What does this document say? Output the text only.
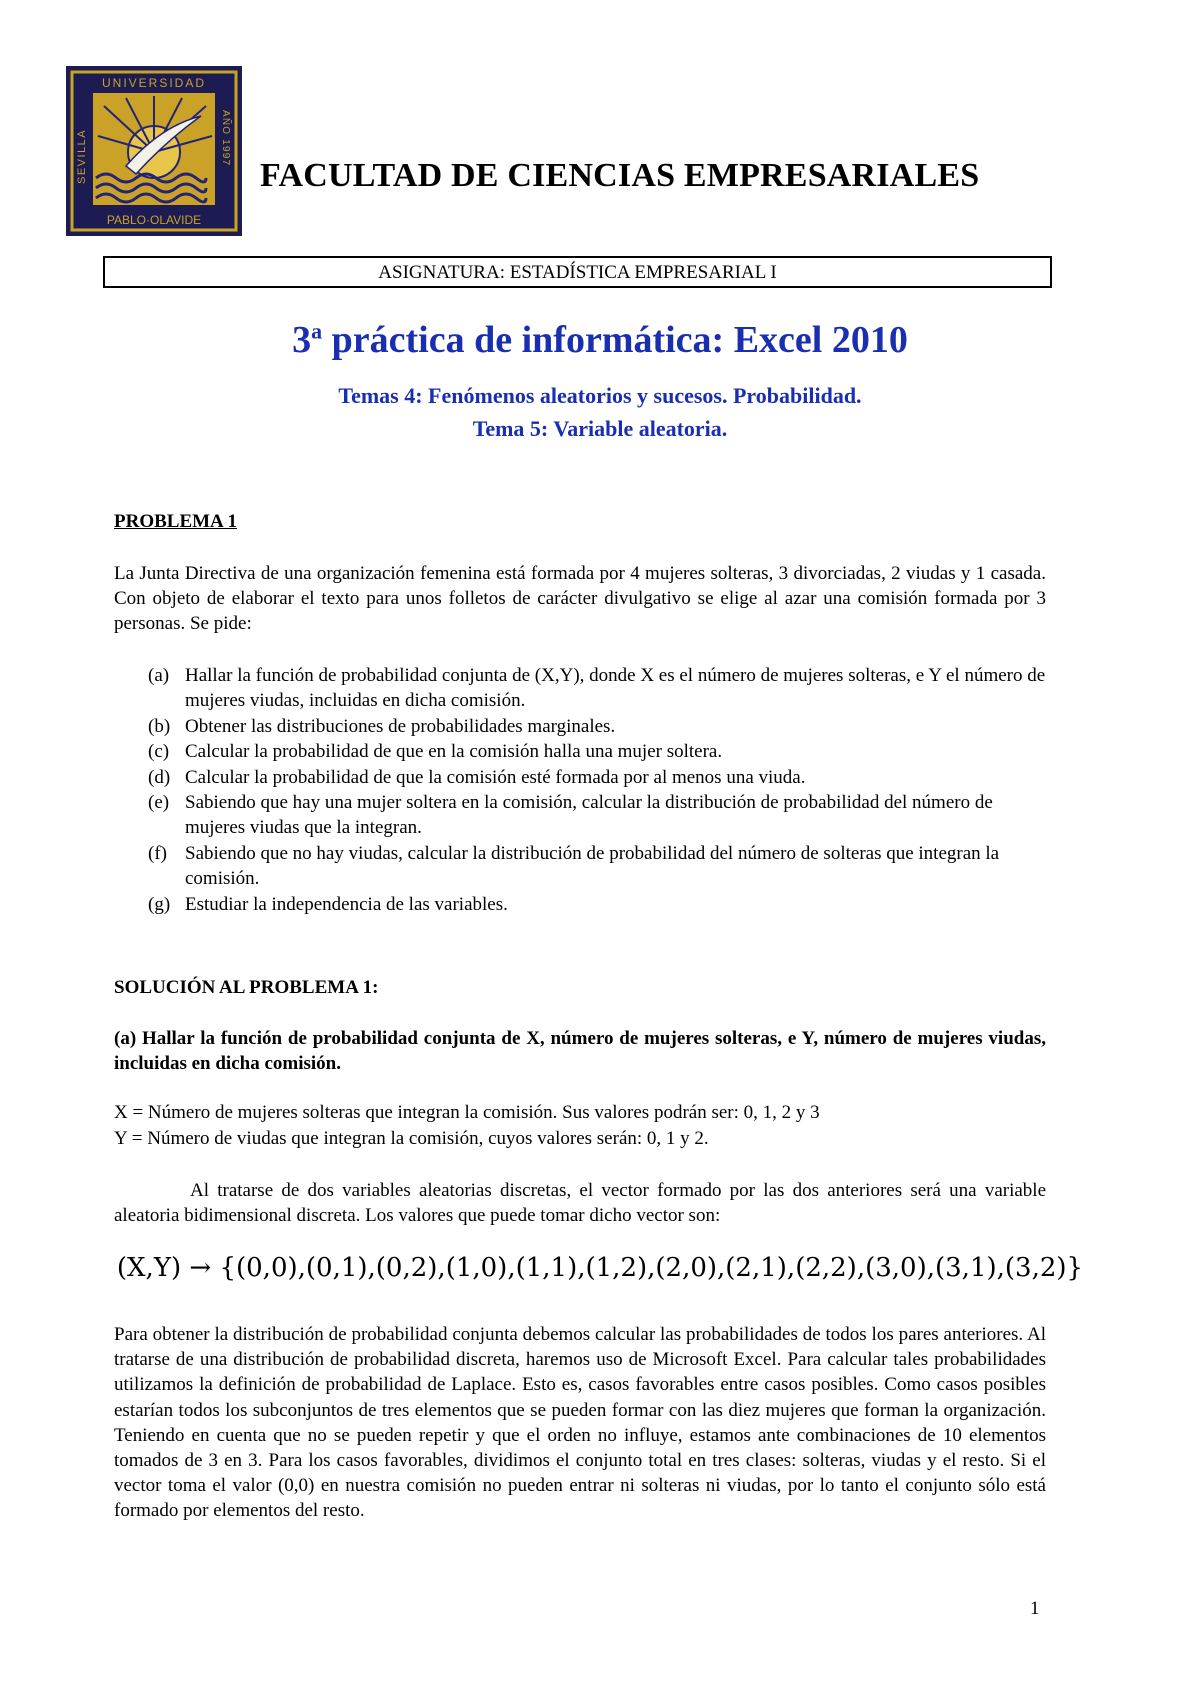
UNIVERSIDAD
SEVILLA	AÑO 1997
PABLO·OLAVIDE
FACULTAD DE CIENCIAS EMPRESARIALES
ASIGNATURA: ESTADÍSTICA EMPRESARIAL I
3$^a$ práctica de informática: Excel 2010
Temas 4: Fenómenos aleatorios y sucesos. Probabilidad.
Tema 5: Variable aleatoria.
PROBLEMA 1
La Junta Directiva de una organización femenina está formada por 4 mujeres solteras, 3 divorciadas, 2 viudas y 1 casada. Con objeto de elaborar el texto para unos folletos de carácter divulgativo se elige al azar una comisión formada por 3 personas. Se pide:
(a) Hallar la función de probabilidad conjunta de (X,Y), donde X es el número de mujeres solteras, e Y el número de mujeres viudas, incluidas en dicha comisión.
(b) Obtener las distribuciones de probabilidades marginales.
(c) Calcular la probabilidad de que en la comisión halla una mujer soltera.
(d) Calcular la probabilidad de que la comisión esté formada por al menos una viuda.
(e) Sabiendo que hay una mujer soltera en la comisión, calcular la distribución de probabilidad del número de mujeres viudas que la integran.
(f) Sabiendo que no hay viudas, calcular la distribución de probabilidad del número de solteras que integran la comisión.
(g) Estudiar la independencia de las variables.
SOLUCIÓN AL PROBLEMA 1:
(a) Hallar la función de probabilidad conjunta de X, número de mujeres solteras, e Y, número de mujeres viudas, incluidas en dicha comisión.
X = Número de mujeres solteras que integran la comisión. Sus valores podrán ser: 0, 1, 2 y 3
Y = Número de viudas que integran la comisión, cuyos valores serán: 0, 1 y 2.
Al tratarse de dos variables aleatorias discretas, el vector formado por las dos anteriores será una variable aleatoria bidimensional discreta. Los valores que puede tomar dicho vector son:
(X,Y) → {(0,0),(0,1),(0,2),(1,0),(1,1),(1,2),(2,0),(2,1),(2,2),(3,0),(3,1),(3,2)}
Para obtener la distribución de probabilidad conjunta debemos calcular las probabilidades de todos los pares anteriores. Al tratarse de una distribución de probabilidad discreta, haremos uso de Microsoft Excel. Para calcular tales probabilidades utilizamos la definición de probabilidad de Laplace. Esto es, casos favorables entre casos posibles. Como casos posibles estarían todos los subconjuntos de tres elementos que se pueden formar con las diez mujeres que forman la organización. Teniendo en cuenta que no se pueden repetir y que el orden no influye, estamos ante combinaciones de 10 elementos tomados de 3 en 3. Para los casos favorables, dividimos el conjunto total en tres clases: solteras, viudas y el resto. Si el vector toma el valor (0,0) en nuestra comisión no pueden entrar ni solteras ni viudas, por lo tanto el conjunto sólo está formado por elementos del resto.
1
